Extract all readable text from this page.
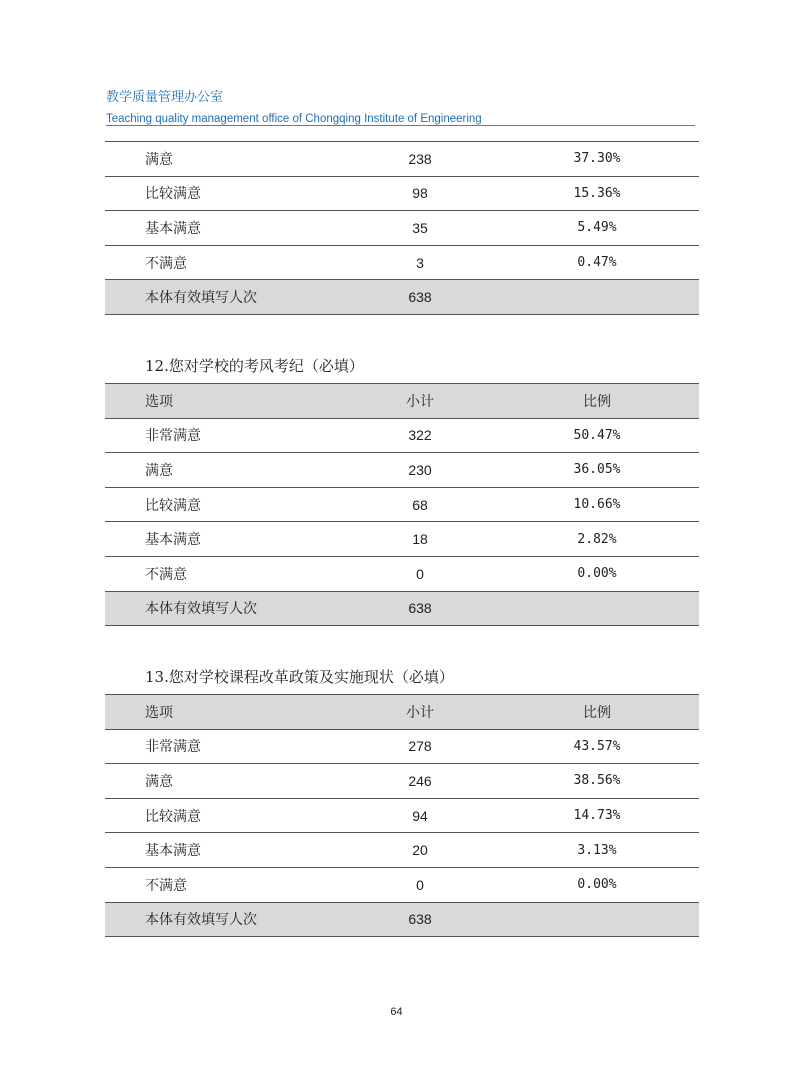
教学质量管理办公室
Teaching quality management office of Chongqing Institute of Engineering
满意	238	37.30%
比较满意	98	15.36%
基本满意	35	5.49%
不满意	3	0.47%
本体有效填写人次	638	
12.您对学校的考风考纪（必填）
选项	小计	比例
非常满意	322	50.47%
满意	230	36.05%
比较满意	68	10.66%
基本满意	18	2.82%
不满意	0	0.00%
本体有效填写人次	638	
13.您对学校课程改革政策及实施现状（必填）
选项	小计	比例
非常满意	278	43.57%
满意	246	38.56%
比较满意	94	14.73%
基本满意	20	3.13%
不满意	0	0.00%
本体有效填写人次	638	
64
